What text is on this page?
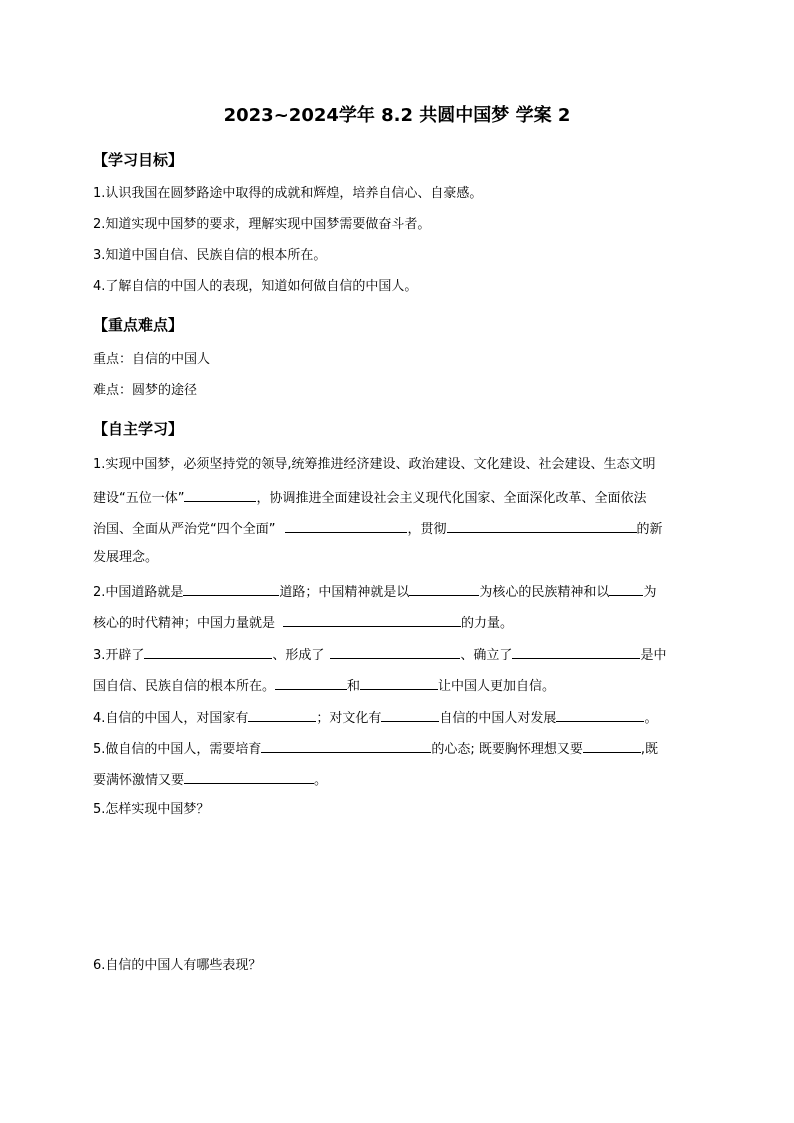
2023~2024学年 8.2 共圆中国梦 学案 2
【学习目标】
1.认识我国在圆梦路途中取得的成就和辉煌，培养自信心、自豪感。
2.知道实现中国梦的要求，理解实现中国梦需要做奋斗者。
3.知道中国自信、民族自信的根本所在。
4.了解自信的中国人的表现，知道如何做自信的中国人。
【重点难点】
重点：自信的中国人
难点：圆梦的途径
【自主学习】
1.实现中国梦，必须坚持党的领导,统筹推进经济建设、政治建设、文化建设、社会建设、生态文明
建设“五位一体”	，协调推进全面建设社会主义现代化国家、全面深化改革、全面依法
治国、全面从严治党“四个全面”	，贯彻	的新
发展理念。
2.中国道路就是	道路；中国精神就是以	为核心的民族精神和以	为
核心的时代精神；中国力量就是	的力量。
3.开辟了	、形成了	、确立了	是中
国自信、民族自信的根本所在。	和	让中国人更加自信。
4.自信的中国人，对国家有	；对文化有	自信的中国人对发展	。
5.做自信的中国人，需要培育	的心态; 既要胸怀理想又要	,既
要满怀激情又要	。
5.怎样实现中国梦？
6.自信的中国人有哪些表现？
